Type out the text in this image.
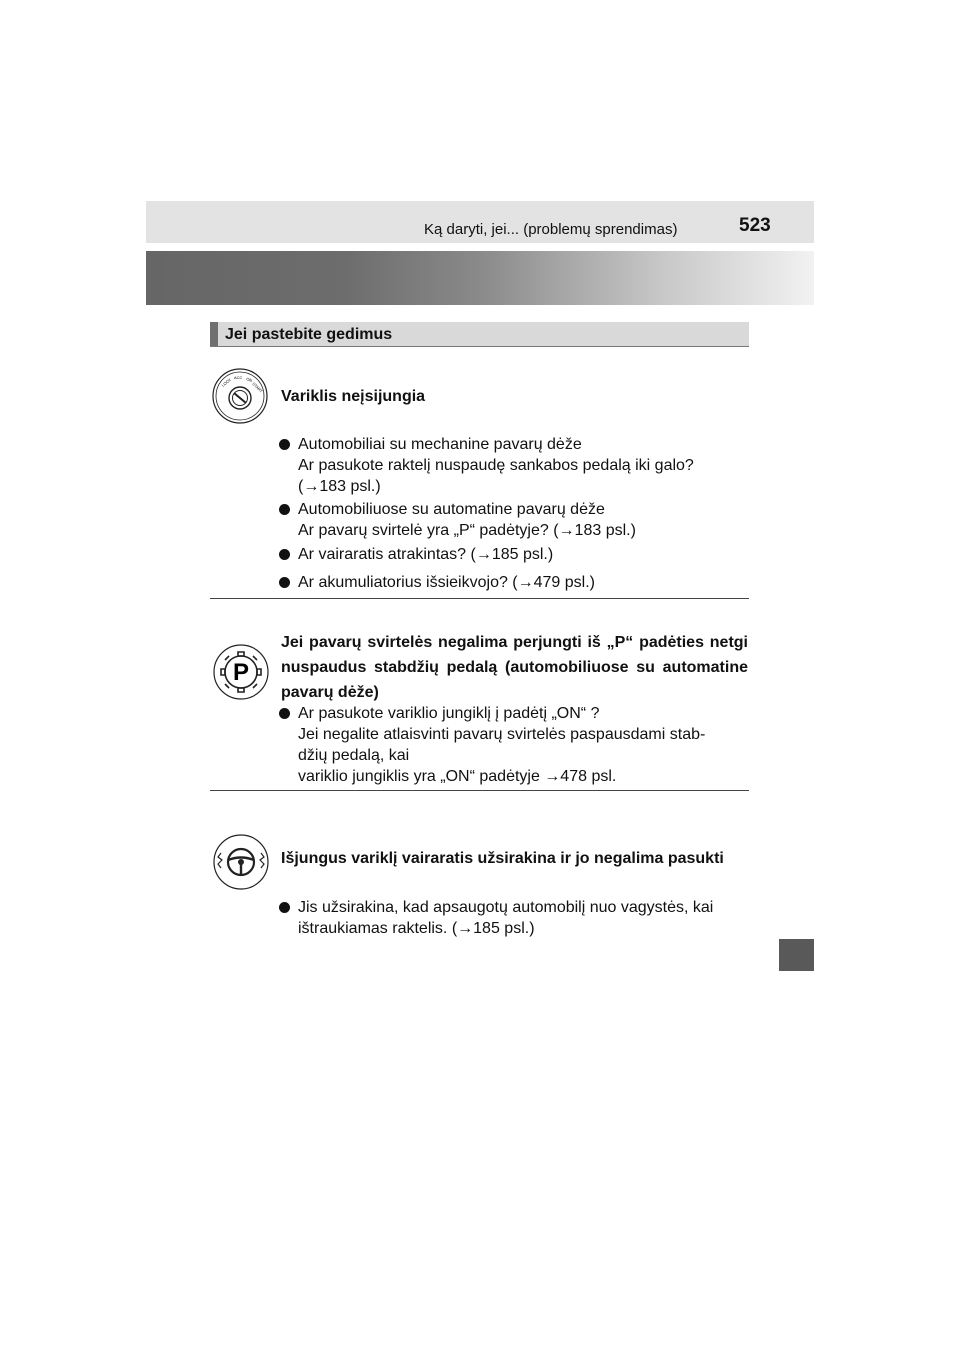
Ką daryti, jei... (problemų sprendimas)	523
Jei pastebite gedimus
LOCK ACC ON
START
Variklis neįsijungia
Automobiliai su mechanine pavarų dėže
Ar pasukote raktelį nuspaudę sankabos pedalą iki galo?
(→183 psl.)
Automobiliuose su automatine pavarų dėže
Ar pavarų svirtelė yra „P“ padėtyje? (→183 psl.)
Ar vairaratis atrakintas? (→185 psl.)
Ar akumuliatorius išsieikvojo? (→479 psl.)
P
Jei pavarų svirtelės negalima perjungti iš „P“ padėties netgi nuspaudus stabdžių pedalą (automobiliuose su automatine pavarų dėže)
Ar pasukote variklio jungiklį į padėtį „ON“ ?
Jei negalite atlaisvinti pavarų svirtelės paspausdami stab-
džių pedalą, kai
variklio jungiklis yra „ON“ padėtyje →478 psl.
Išjungus variklį vairaratis užsirakina ir jo negalima pasukti
Jis užsirakina, kad apsaugotų automobilį nuo vagystės, kai
ištraukiamas raktelis. (→185 psl.)
